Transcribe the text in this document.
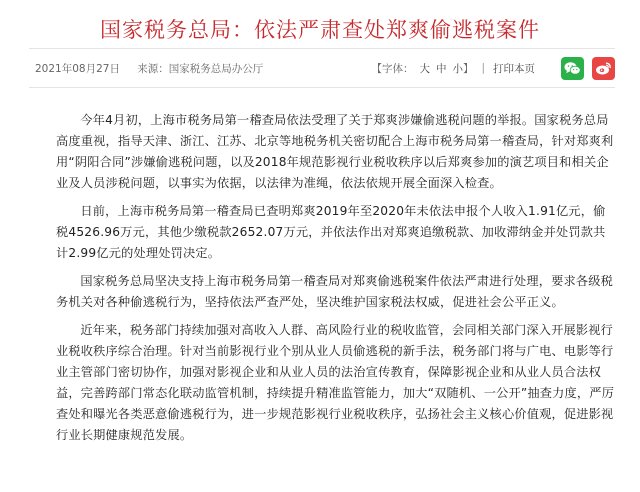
国家税务总局：依法严肃查处郑爽偷逃税案件
2021年08月27日 来源：国家税务总局办公厅	【字体： 大 中 小 】 | 打印本页

今年4月初，上海市税务局第一稽查局依法受理了关于郑爽涉嫌偷逃税问题的举报。国家税务总局高度重视，指导天津、浙江、江苏、北京等地税务机关密切配合上海市税务局第一稽查局，针对郑爽利用“阴阳合同”涉嫌偷逃税问题，以及2018年规范影视行业税收秩序以后郑爽参加的演艺项目和相关企业及人员涉税问题，以事实为依据，以法律为准绳，依法依规开展全面深入检查。

日前，上海市税务局第一稽查局已查明郑爽2019年至2020年未依法申报个人收入1.91亿元，偷税4526.96万元，其他少缴税款2652.07万元，并依法作出对郑爽追缴税款、加收滞纳金并处罚款共计2.99亿元的处理处罚决定。

国家税务总局坚决支持上海市税务局第一稽查局对郑爽偷逃税案件依法严肃进行处理，要求各级税务机关对各种偷逃税行为，坚持依法严查严处，坚决维护国家税法权威，促进社会公平正义。

近年来，税务部门持续加强对高收入人群、高风险行业的税收监管，会同相关部门深入开展影视行业税收秩序综合治理。针对当前影视行业个别从业人员偷逃税的新手法，税务部门将与广电、电影等行业主管部门密切协作，加强对影视企业和从业人员的法治宣传教育，保障影视企业和从业人员合法权益，完善跨部门常态化联动监管机制，持续提升精准监管能力，加大“双随机、一公开”抽查力度，严厉查处和曝光各类恶意偷逃税行为，进一步规范影视行业税收秩序，弘扬社会主义核心价值观，促进影视行业长期健康规范发展。
